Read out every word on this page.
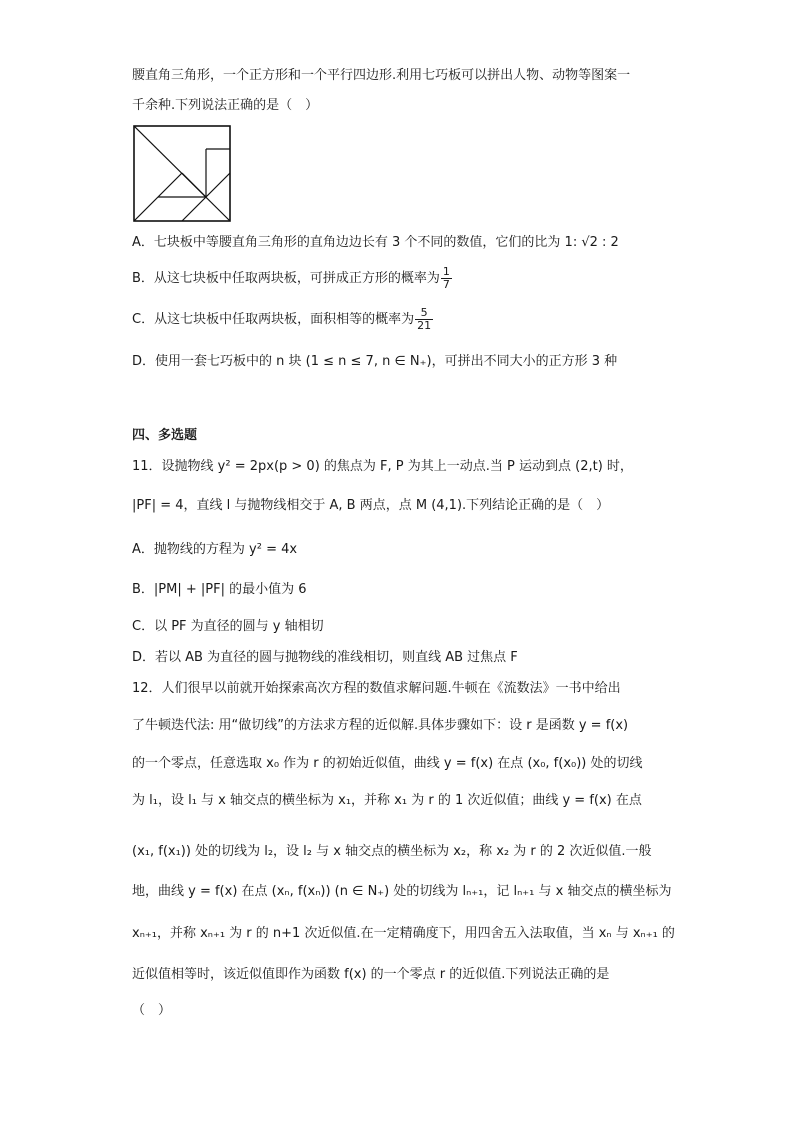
腰直角三角形，一个正方形和一个平行四边形.利用七巧板可以拼出人物、动物等图案一
千余种.下列说法正确的是（　）
A．七块板中等腰直角三角形的直角边边长有 3 个不同的数值，它们的比为 1: √2 : 2
B．从这七块板中任取两块板，可拼成正方形的概率为 $\frac{1}{7}$
C．从这七块板中任取两块板，面积相等的概率为 $\frac{5}{21}$
D．使用一套七巧板中的 n 块 (1 ≤ n ≤ 7, n ∈ N₊)，可拼出不同大小的正方形 3 种
四、多选题
11．设抛物线 y² = 2px(p > 0) 的焦点为 F, P 为其上一动点.当 P 运动到点 (2,t) 时，
|PF| = 4，直线 l 与抛物线相交于 A, B 两点，点 M (4,1).下列结论正确的是（　）
A．抛物线的方程为 y² = 4x
B．|PM| + |PF| 的最小值为 6
C．以 PF 为直径的圆与 y 轴相切
D．若以 AB 为直径的圆与抛物线的准线相切，则直线 AB 过焦点 F
12．人们很早以前就开始探索高次方程的数值求解问题.牛顿在《流数法》一书中给出
了牛顿迭代法: 用“做切线”的方法求方程的近似解.具体步骤如下：设 r 是函数 y = f(x)
的一个零点，任意选取 x₀ 作为 r 的初始近似值，曲线 y = f(x) 在点 (x₀, f(x₀)) 处的切线
为 l₁，设 l₁ 与 x 轴交点的横坐标为 x₁，并称 x₁ 为 r 的 1 次近似值；曲线 y = f(x) 在点
(x₁, f(x₁)) 处的切线为 l₂，设 l₂ 与 x 轴交点的横坐标为 x₂，称 x₂ 为 r 的 2 次近似值.一般
地，曲线 y = f(x) 在点 (xₙ, f(xₙ)) (n ∈ N₊) 处的切线为 lₙ₊₁，记 lₙ₊₁ 与 x 轴交点的横坐标为
xₙ₊₁，并称 xₙ₊₁ 为 r 的 n+1 次近似值.在一定精确度下，用四舍五入法取值，当 xₙ 与 xₙ₊₁ 的
近似值相等时，该近似值即作为函数 f(x) 的一个零点 r 的近似值.下列说法正确的是
（　）
